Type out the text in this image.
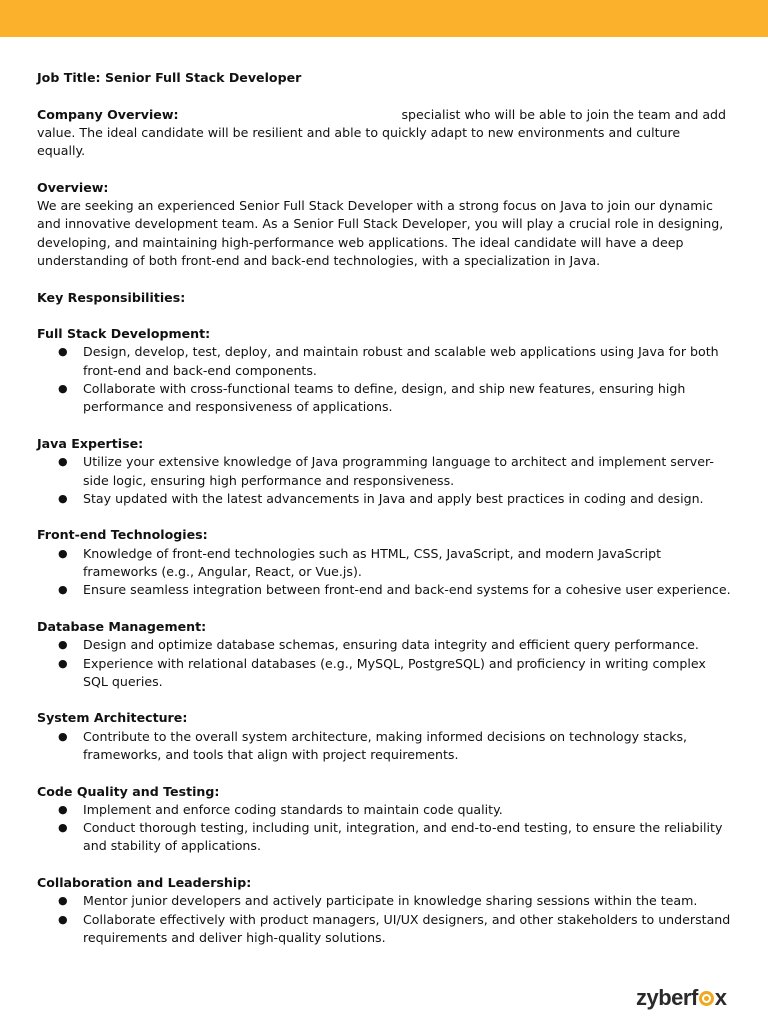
Job Title: Senior Full Stack Developer

Company Overview:	specialist who will be able to join the team and add value. The ideal candidate will be resilient and able to quickly adapt to new environments and culture equally.

Overview:
We are seeking an experienced Senior Full Stack Developer with a strong focus on Java to join our dynamic and innovative development team. As a Senior Full Stack Developer, you will play a crucial role in designing, developing, and maintaining high-performance web applications. The ideal candidate will have a deep understanding of both front-end and back-end technologies, with a specialization in Java.

Key Responsibilities:

Full Stack Development:
● Design, develop, test, deploy, and maintain robust and scalable web applications using Java for both front-end and back-end components.
● Collaborate with cross-functional teams to define, design, and ship new features, ensuring high performance and responsiveness of applications.
Java Expertise:
● Utilize your extensive knowledge of Java programming language to architect and implement server-side logic, ensuring high performance and responsiveness.
● Stay updated with the latest advancements in Java and apply best practices in coding and design.
Front-end Technologies:
● Knowledge of front-end technologies such as HTML, CSS, JavaScript, and modern JavaScript frameworks (e.g., Angular, React, or Vue.js).
● Ensure seamless integration between front-end and back-end systems for a cohesive user experience.
Database Management:
● Design and optimize database schemas, ensuring data integrity and efficient query performance.
● Experience with relational databases (e.g., MySQL, PostgreSQL) and proficiency in writing complex SQL queries.
System Architecture:
● Contribute to the overall system architecture, making informed decisions on technology stacks, frameworks, and tools that align with project requirements.
Code Quality and Testing:
● Implement and enforce coding standards to maintain code quality.
● Conduct thorough testing, including unit, integration, and end-to-end testing, to ensure the reliability and stability of applications.
Collaboration and Leadership:
● Mentor junior developers and actively participate in knowledge sharing sessions within the team.
● Collaborate effectively with product managers, UI/UX designers, and other stakeholders to understand requirements and deliver high-quality solutions.
zyberf x
